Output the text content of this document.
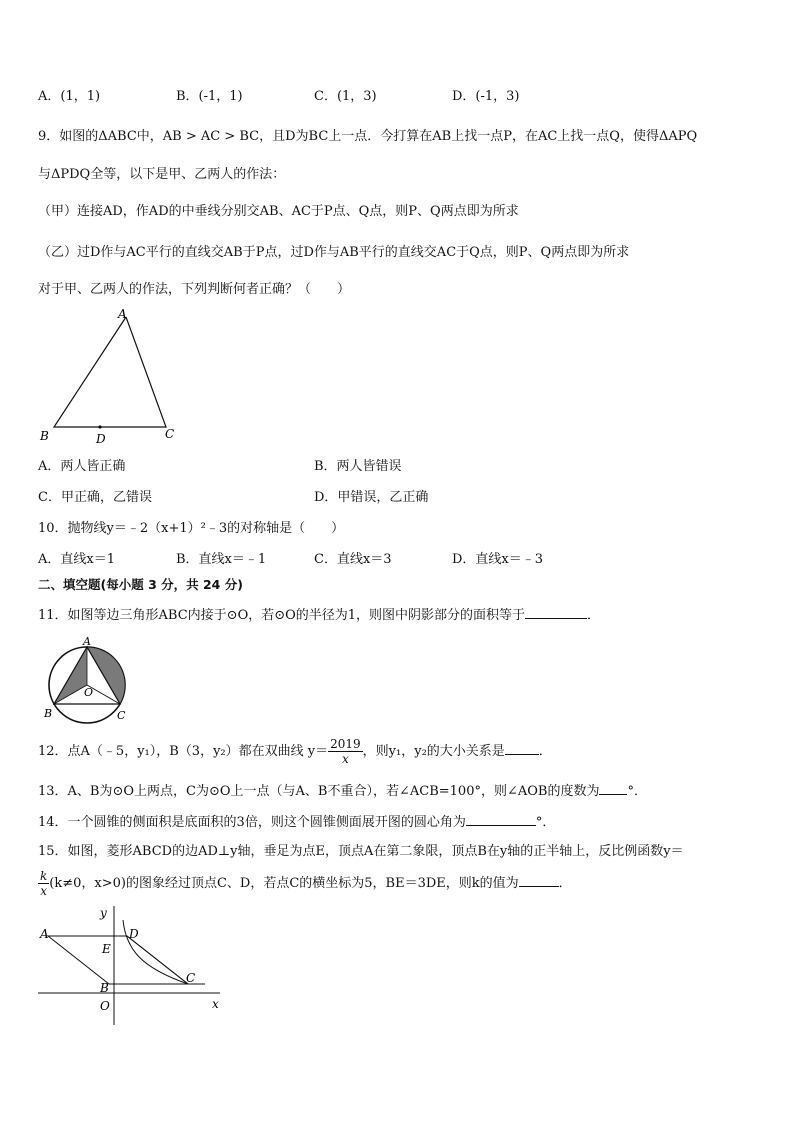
A．(1，1)	B．(-1，1)	C．(1，3)	D．(-1，3)
9．如图的ΔABC中，AB > AC > BC，且D为BC上一点．今打算在AB上找一点P，在AC上找一点Q，使得ΔAPQ
与ΔPDQ全等，以下是甲、乙两人的作法：
（甲）连接AD，作AD的中垂线分别交AB、AC于P点、Q点，则P、Q两点即为所求
（乙）过D作与AC平行的直线交AB于P点，过D作与AB平行的直线交AC于Q点，则P、Q两点即为所求
对于甲、乙两人的作法，下列判断何者正确？（　　）
A
B	C
D
A．两人皆正确	B．两人皆错误
C．甲正确，乙错误	D．甲错误，乙正确
10．抛物线y＝﹣2（x+1）²﹣3的对称轴是（　　）
A．直线x＝1	B．直线x＝﹣1	C．直线x＝3	D．直线x＝﹣3
二、填空题(每小题 3 分，共 24 分)
11．如图等边三角形ABC内接于⊙O，若⊙O的半径为1，则图中阴影部分的面积等于	．
A
O
B	C
12．点A（﹣5，y₁），B（3，y₂）都在双曲线 $y= \frac{2019}{x}$ ，则y₁，y₂的大小关系是	．
13．A、B为⊙O上两点，C为⊙O上一点（与A、B不重合），若∠ACB=100°，则∠AOB的度数为 °．
14．一个圆锥的侧面积是底面积的3倍，则这个圆锥侧面展开图的圆心角为	°．
15．如图，菱形ABCD的边AD⊥y轴，垂足为点E，顶点A在第二象限，顶点B在y轴的正半轴上，反比例函数y＝
$\frac{k}{x} (k\ne 0$，x>0)的图象经过顶点C、D，若点C的横坐标为5，BE＝3DE，则k的值为	．
y
A	D
E
C
B
O	x
